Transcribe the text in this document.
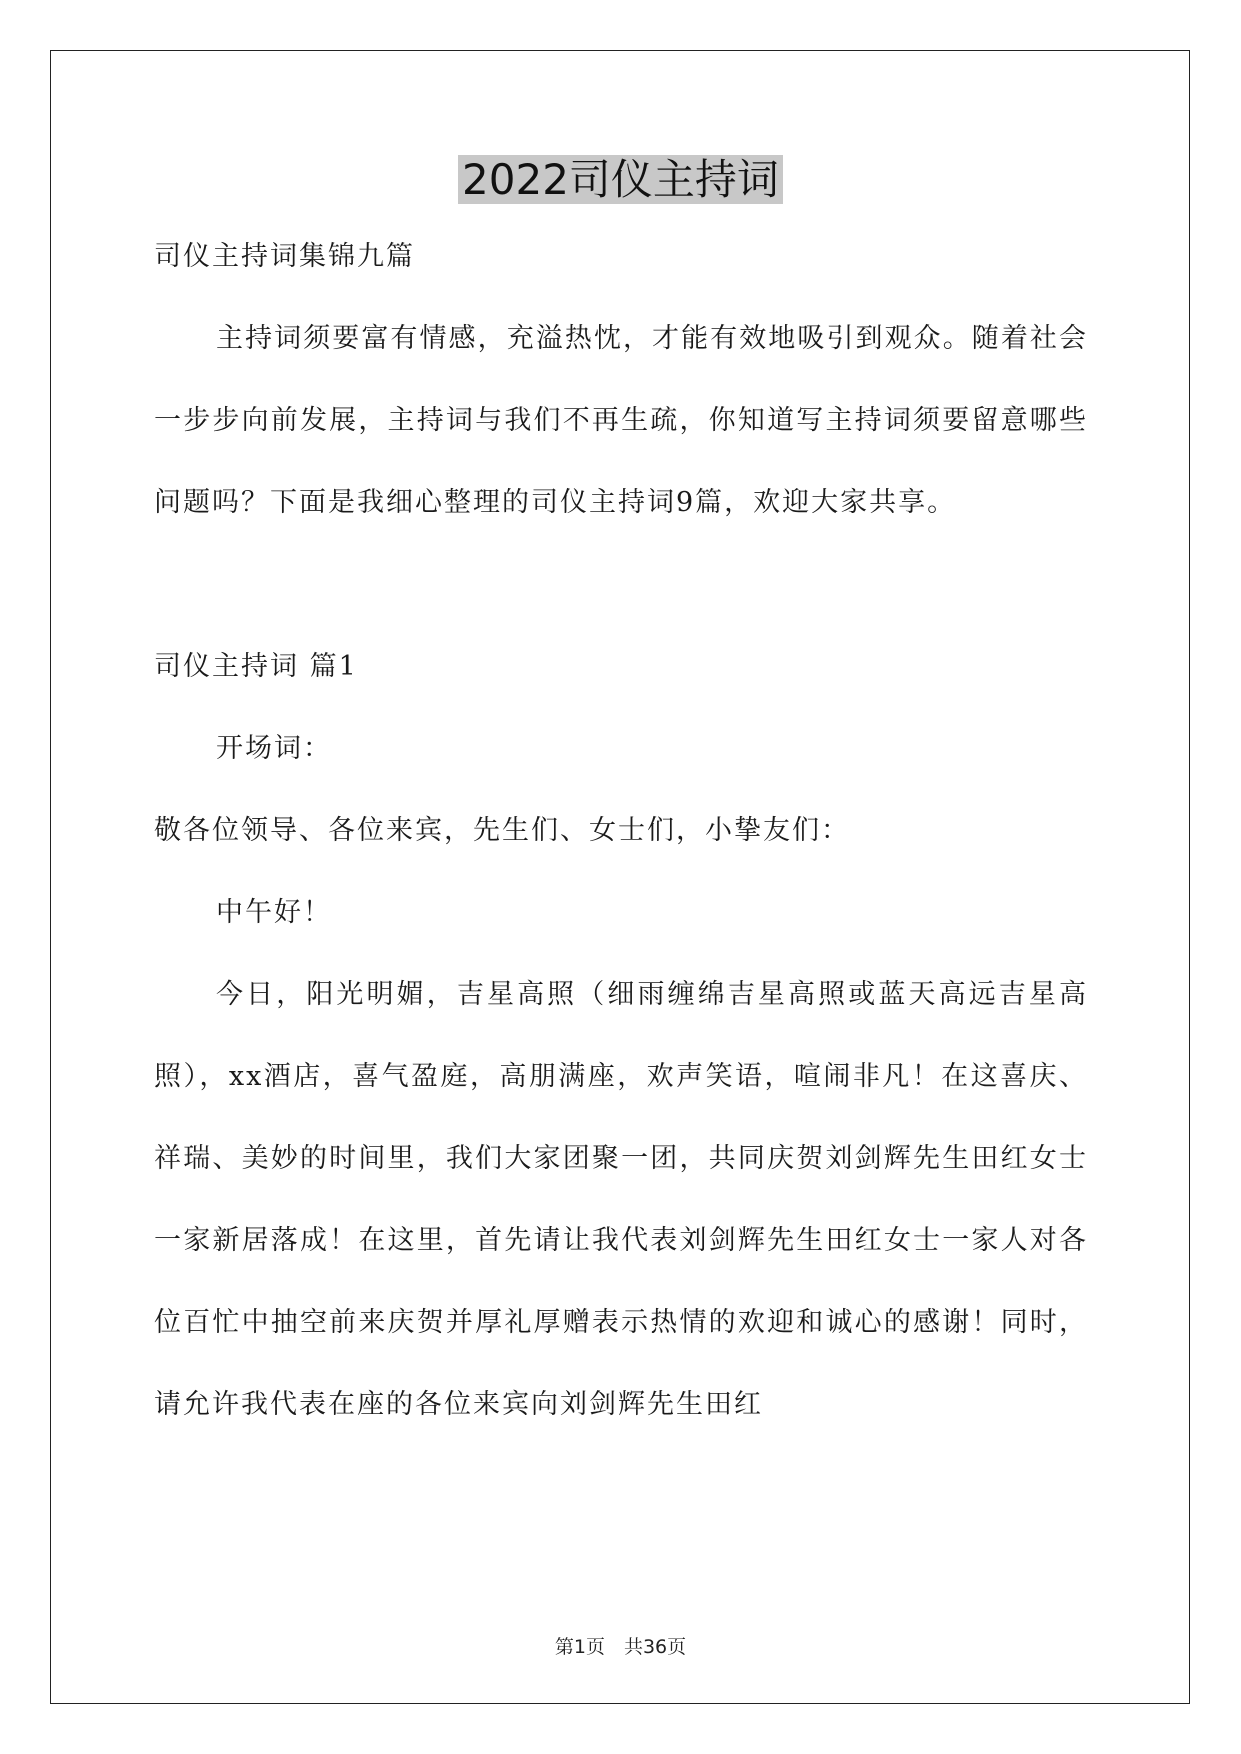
2022司仪主持词

司仪主持词集锦九篇

主持词须要富有情感，充溢热忱，才能有效地吸引到观众。随着社会一步步向前发展，主持词与我们不再生疏，你知道写主持词须要留意哪些问题吗？下面是我细心整理的司仪主持词9篇，欢迎大家共享。

司仪主持词 篇1

开场词：

敬各位领导、各位来宾，先生们、女士们，小挚友们：

中午好！

今日，阳光明媚，吉星高照（细雨缠绵吉星高照或蓝天高远吉星高照），xx酒店，喜气盈庭，高朋满座，欢声笑语，喧闹非凡！在这喜庆、祥瑞、美妙的时间里，我们大家团聚一团，共同庆贺刘剑辉先生田红女士一家新居落成！在这里，首先请让我代表刘剑辉先生田红女士一家人对各位百忙中抽空前来庆贺并厚礼厚赠表示热情的欢迎和诚心的感谢！同时，请允许我代表在座的各位来宾向刘剑辉先生田红

第1页　共36页
